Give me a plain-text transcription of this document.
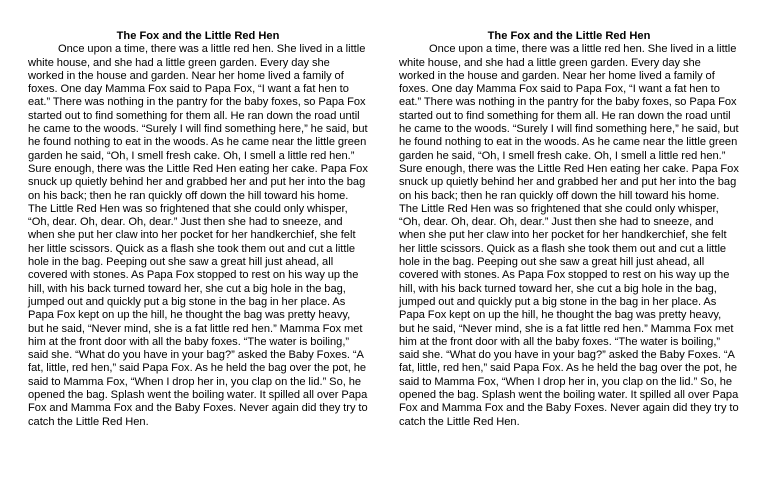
The Fox and the Little Red Hen

Once upon a time, there was a little red hen. She lived in a little white house, and she had a little green garden. Every day she worked in the house and garden. Near her home lived a family of foxes. One day Mamma Fox said to Papa Fox, “I want a fat hen to eat.” There was nothing in the pantry for the baby foxes, so Papa Fox started out to find something for them all. He ran down the road until he came to the woods. “Surely I will find something here,” he said, but he found nothing to eat in the woods. As he came near the little green garden he said, “Oh, I smell fresh cake. Oh, I smell a little red hen.” Sure enough, there was the Little Red Hen eating her cake. Papa Fox snuck up quietly behind her and grabbed her and put her into the bag on his back; then he ran quickly off down the hill toward his home. The Little Red Hen was so frightened that she could only whisper, “Oh, dear. Oh, dear. Oh, dear.” Just then she had to sneeze, and when she put her claw into her pocket for her handkerchief, she felt her little scissors. Quick as a flash she took them out and cut a little hole in the bag. Peeping out she saw a great hill just ahead, all covered with stones. As Papa Fox stopped to rest on his way up the hill, with his back turned toward her, she cut a big hole in the bag, jumped out and quickly put a big stone in the bag in her place. As Papa Fox kept on up the hill, he thought the bag was pretty heavy, but he said, “Never mind, she is a fat little red hen.” Mamma Fox met him at the front door with all the baby foxes. “The water is boiling,” said she. “What do you have in your bag?” asked the Baby Foxes. “A fat, little, red hen,” said Papa Fox. As he held the bag over the pot, he said to Mamma Fox, “When I drop her in, you clap on the lid.” So, he opened the bag. Splash went the boiling water. It spilled all over Papa Fox and Mamma Fox and the Baby Foxes. Never again did they try to catch the Little Red Hen.

The Fox and the Little Red Hen

Once upon a time, there was a little red hen. She lived in a little white house, and she had a little green garden. Every day she worked in the house and garden. Near her home lived a family of foxes. One day Mamma Fox said to Papa Fox, “I want a fat hen to eat.” There was nothing in the pantry for the baby foxes, so Papa Fox started out to find something for them all. He ran down the road until he came to the woods. “Surely I will find something here,” he said, but he found nothing to eat in the woods. As he came near the little green garden he said, “Oh, I smell fresh cake. Oh, I smell a little red hen.” Sure enough, there was the Little Red Hen eating her cake. Papa Fox snuck up quietly behind her and grabbed her and put her into the bag on his back; then he ran quickly off down the hill toward his home. The Little Red Hen was so frightened that she could only whisper, “Oh, dear. Oh, dear. Oh, dear.” Just then she had to sneeze, and when she put her claw into her pocket for her handkerchief, she felt her little scissors. Quick as a flash she took them out and cut a little hole in the bag. Peeping out she saw a great hill just ahead, all covered with stones. As Papa Fox stopped to rest on his way up the hill, with his back turned toward her, she cut a big hole in the bag, jumped out and quickly put a big stone in the bag in her place. As Papa Fox kept on up the hill, he thought the bag was pretty heavy, but he said, “Never mind, she is a fat little red hen.” Mamma Fox met him at the front door with all the baby foxes. “The water is boiling,” said she. “What do you have in your bag?” asked the Baby Foxes. “A fat, little, red hen,” said Papa Fox. As he held the bag over the pot, he said to Mamma Fox, “When I drop her in, you clap on the lid.” So, he opened the bag. Splash went the boiling water. It spilled all over Papa Fox and Mamma Fox and the Baby Foxes. Never again did they try to catch the Little Red Hen.
